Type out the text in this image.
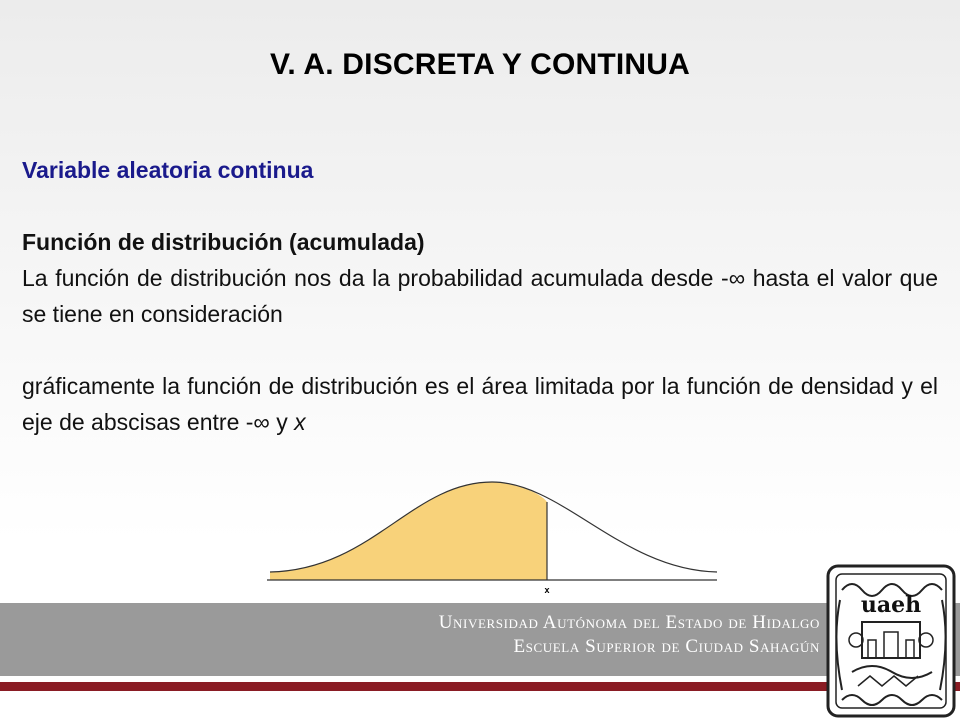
V. A. DISCRETA Y CONTINUA
Variable aleatoria continua
Función de distribución (acumulada)
La función de distribución nos da la probabilidad acumulada desde -∞ hasta el valor que se tiene en consideración
gráficamente la función de distribución es el área limitada por la función de densidad y el eje de abscisas entre -∞ y x
x
Universidad Autónoma del Estado de Hidalgo
Escuela Superior de Ciudad Sahagún
uaeh
